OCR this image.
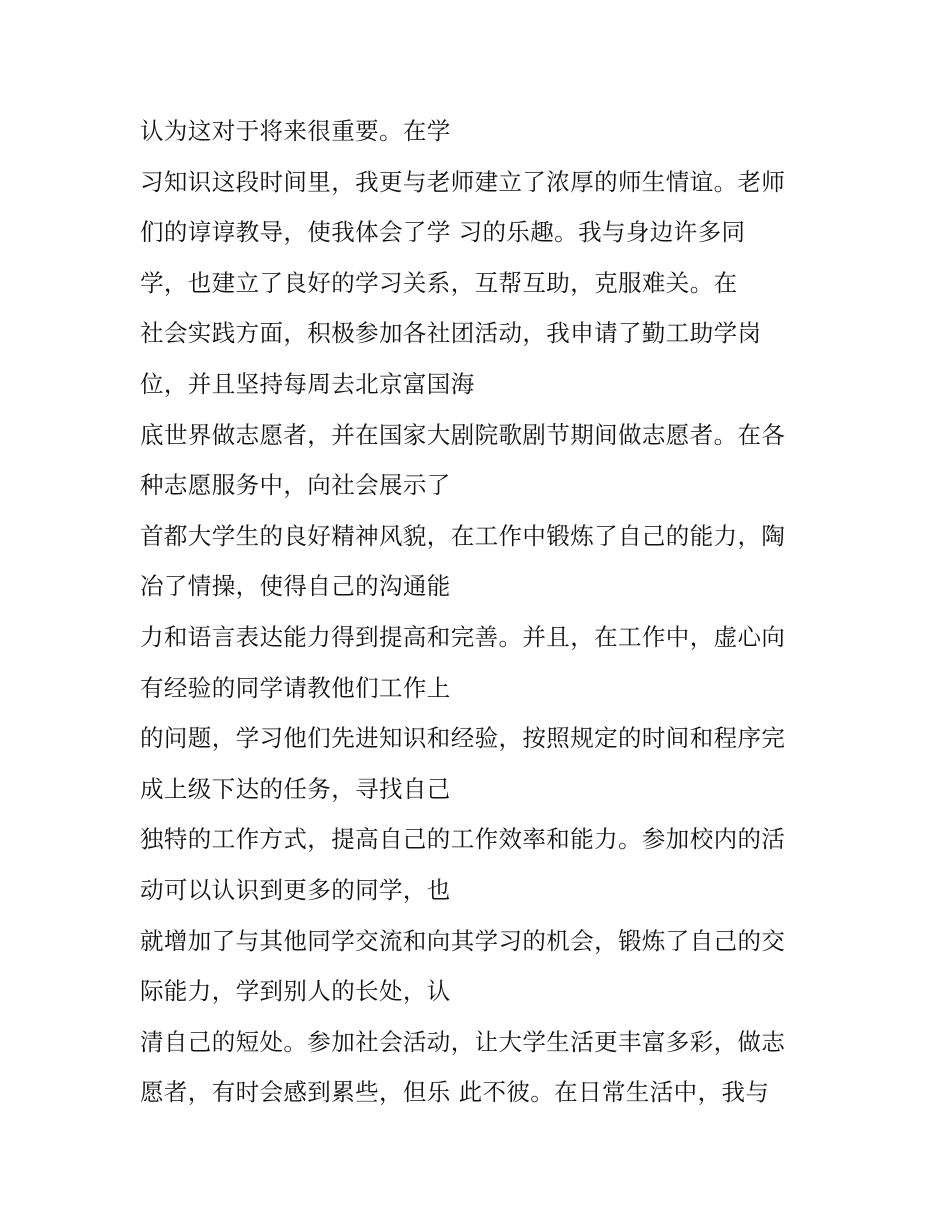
认为这对于将来很重要。在学
习知识这段时间里，我更与老师建立了浓厚的师生情谊。老师
们的谆谆教导，使我体会了学 习的乐趣。我与身边许多同
学，也建立了良好的学习关系，互帮互助，克服难关。在
社会实践方面，积极参加各社团活动，我申请了勤工助学岗
位，并且坚持每周去北京富国海
底世界做志愿者，并在国家大剧院歌剧节期间做志愿者。在各
种志愿服务中，向社会展示了
首都大学生的良好精神风貌，在工作中锻炼了自己的能力，陶
冶了情操，使得自己的沟通能
力和语言表达能力得到提高和完善。并且，在工作中，虚心向
有经验的同学请教他们工作上
的问题，学习他们先进知识和经验，按照规定的时间和程序完
成上级下达的任务，寻找自己
独特的工作方式，提高自己的工作效率和能力。参加校内的活
动可以认识到更多的同学，也
就增加了与其他同学交流和向其学习的机会，锻炼了自己的交
际能力，学到别人的长处，认
清自己的短处。参加社会活动，让大学生活更丰富多彩，做志
愿者，有时会感到累些，但乐 此不彼。在日常生活中，我与
